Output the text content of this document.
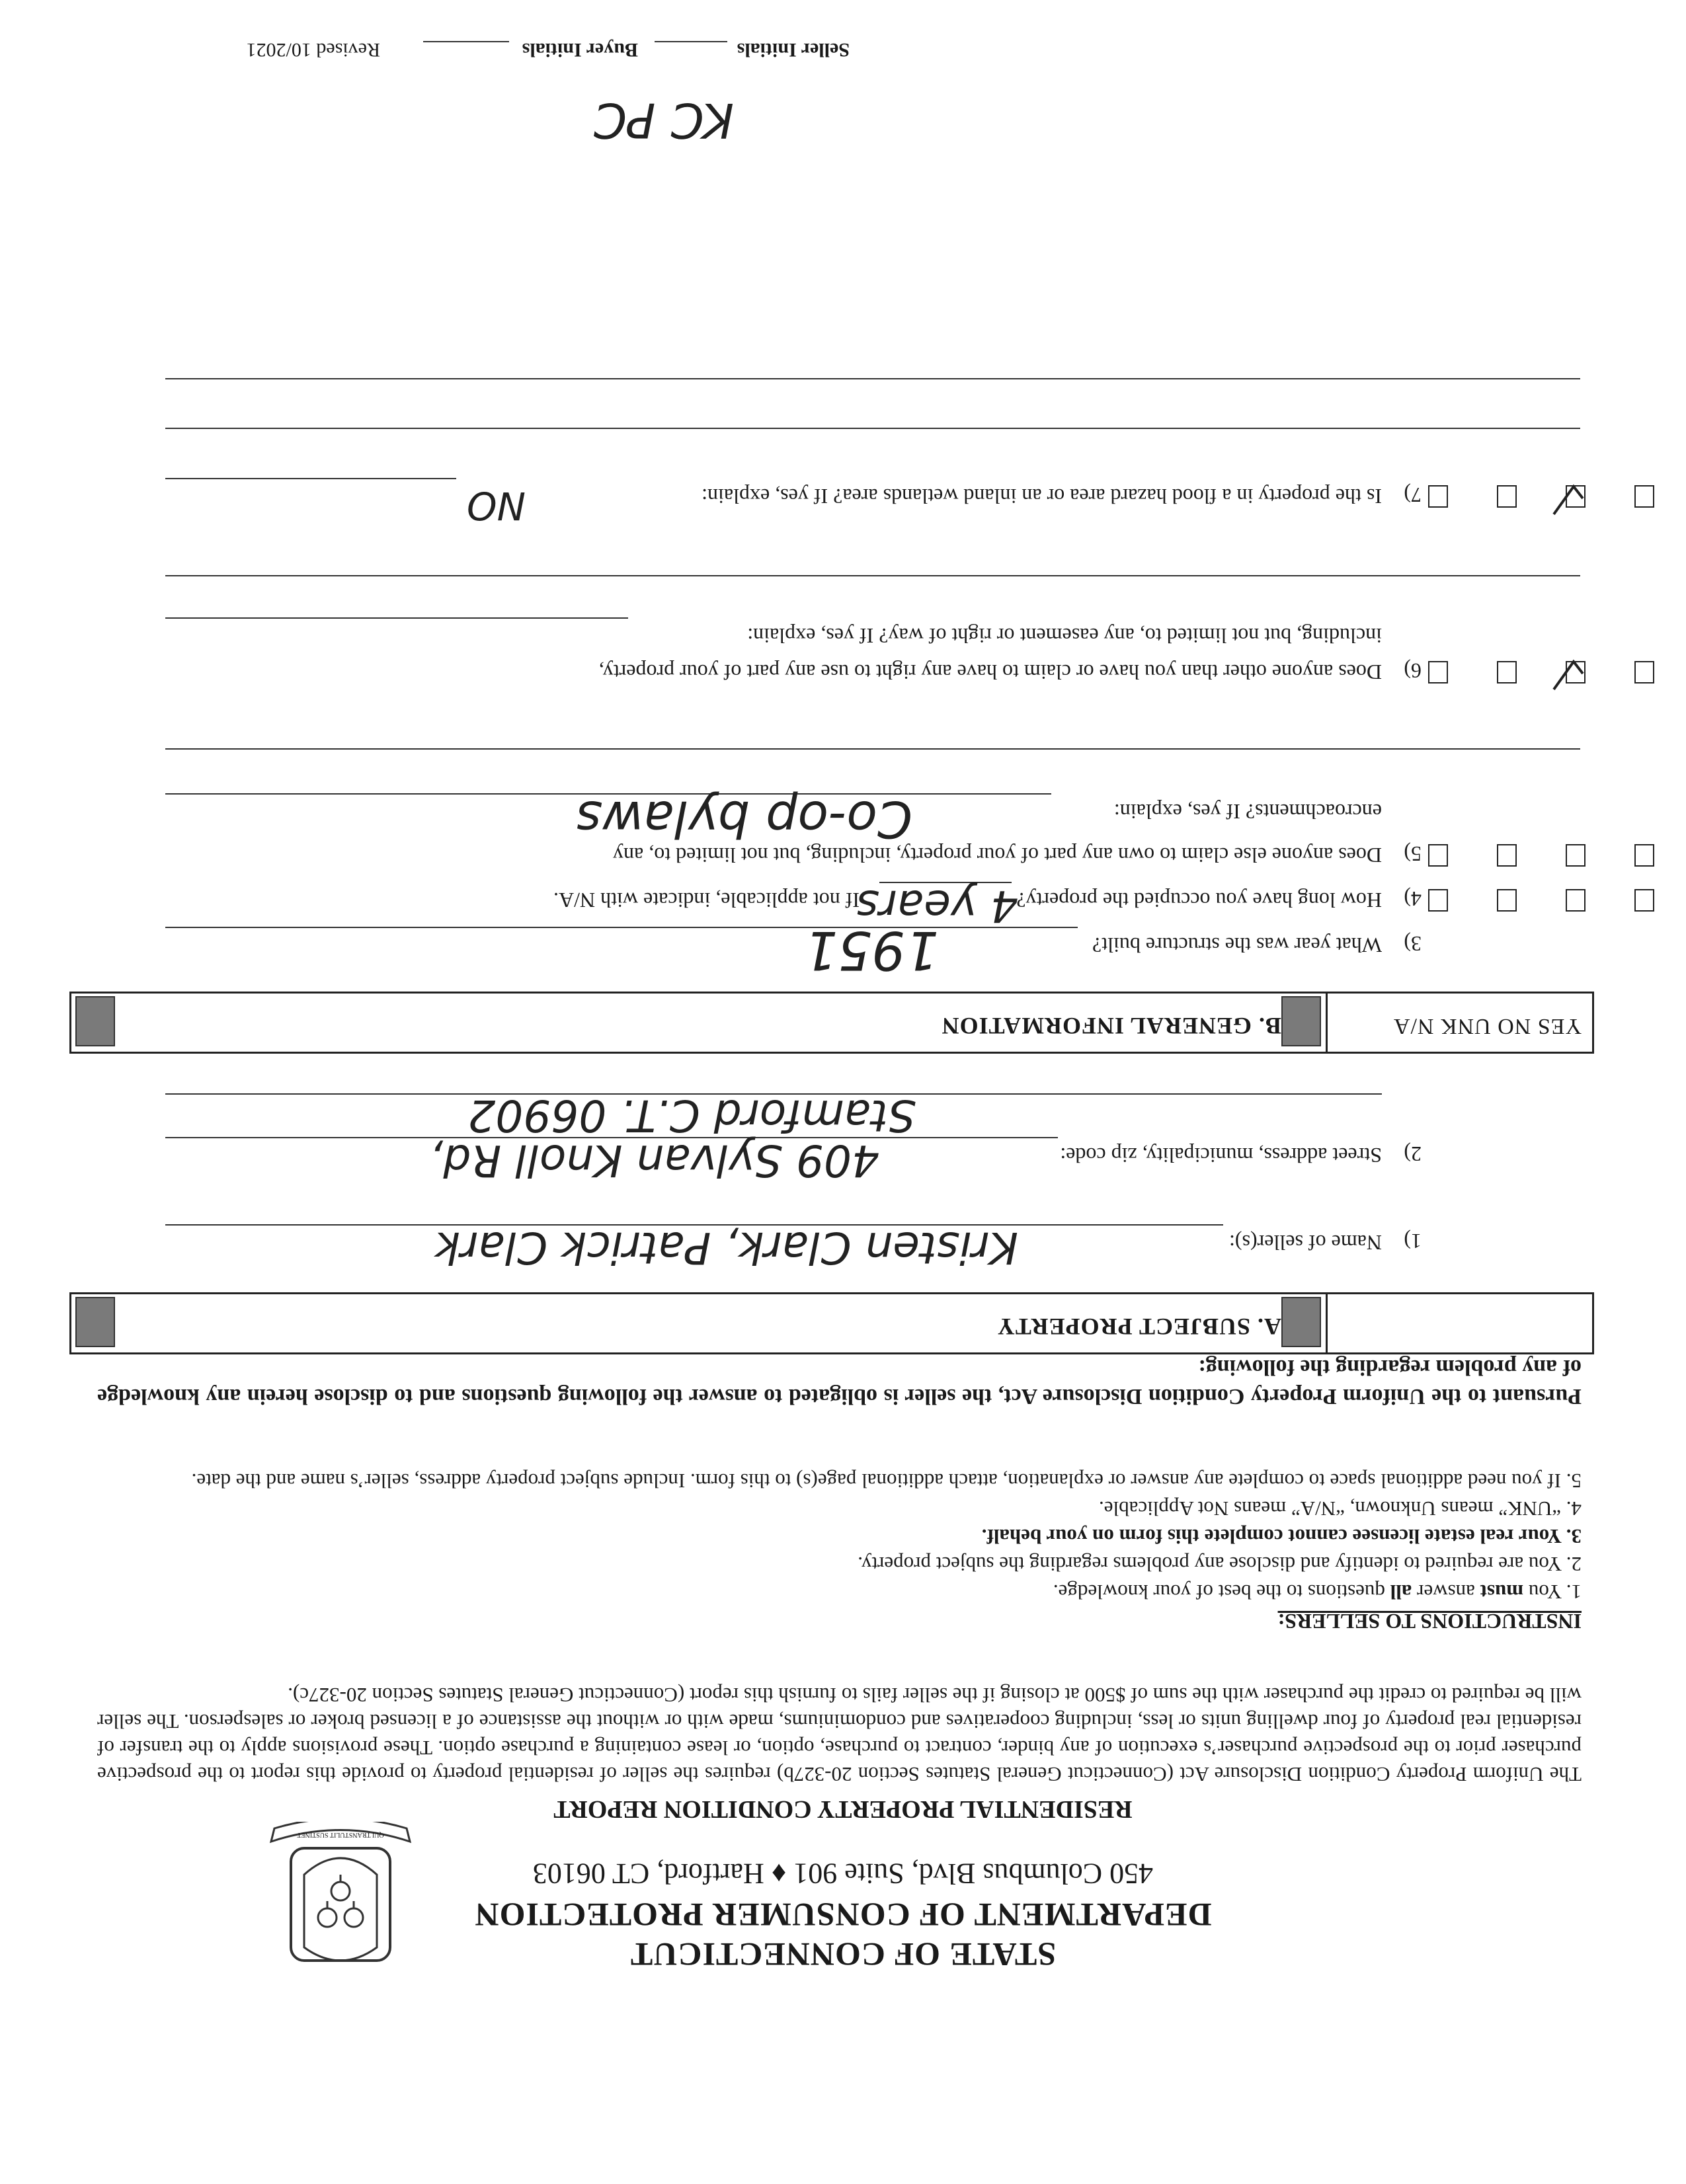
QUI TRANSTULIT SUSTINET
STATE OF CONNECTICUT
DEPARTMENT OF CONSUMER PROTECTION
450 Columbus Blvd, Suite 901 ♦ Hartford, CT 06103
RESIDENTIAL PROPERTY CONDITION REPORT
The Uniform Property Condition Disclosure Act (Connecticut General Statutes Section 20-327b) requires the seller of residential property to provide this report to the prospective purchaser prior to the prospective purchaser’s execution of any binder, contract to purchase, option, or lease containing a purchase option. These provisions apply to the transfer of residential real property of four dwelling units or less, including cooperatives and condominiums, made with or without the assistance of a licensed broker or salesperson. The seller will be required to credit the purchaser with the sum of $500 at closing if the seller fails to furnish this report (Connecticut General Statutes Section 20-327c).
INSTRUCTIONS TO SELLERS:
1. You must answer all questions to the best of your knowledge.
2. You are required to identify and disclose any problems regarding the subject property.
3. Your real estate licensee cannot complete this form on your behalf.
4. “UNK” means Unknown, “N/A” means Not Applicable.
5. If you need additional space to complete any answer or explanation, attach additional page(s) to this form. Include subject property address, seller’s name and the date.
Pursuant to the Uniform Property Condition Disclosure Act, the seller is obligated to answer the following questions and to disclose herein any knowledge of any problem regarding the following:
A. SUBJECT PROPERTY
1)
Name of seller(s):
Kristen Clark, Patrick Clark
2)
Street address, municipality, zip code:
409 Sylvan Knoll Rd,
Stamford C.T. 06902
YES NO UNK N/A
B. GENERAL INFORMATION
3)
What year was the structure built?
1951
4)
How long have you occupied the property?
4 years
If not applicable, indicate with N/A.
5)
Does anyone else claim to own any part of your property, including, but not limited to, any
encroachments? If yes, explain:
Co-op bylaws
6)
Does anyone other than you have or claim to have any right to use any part of your property,
including, but not limited to, any easement or right of way? If yes, explain:
7)
Is the property in a flood hazard area or an inland wetlands area? If yes, explain:
NO
Seller Initials
KC PC
Buyer Initials
Revised 10/2021
